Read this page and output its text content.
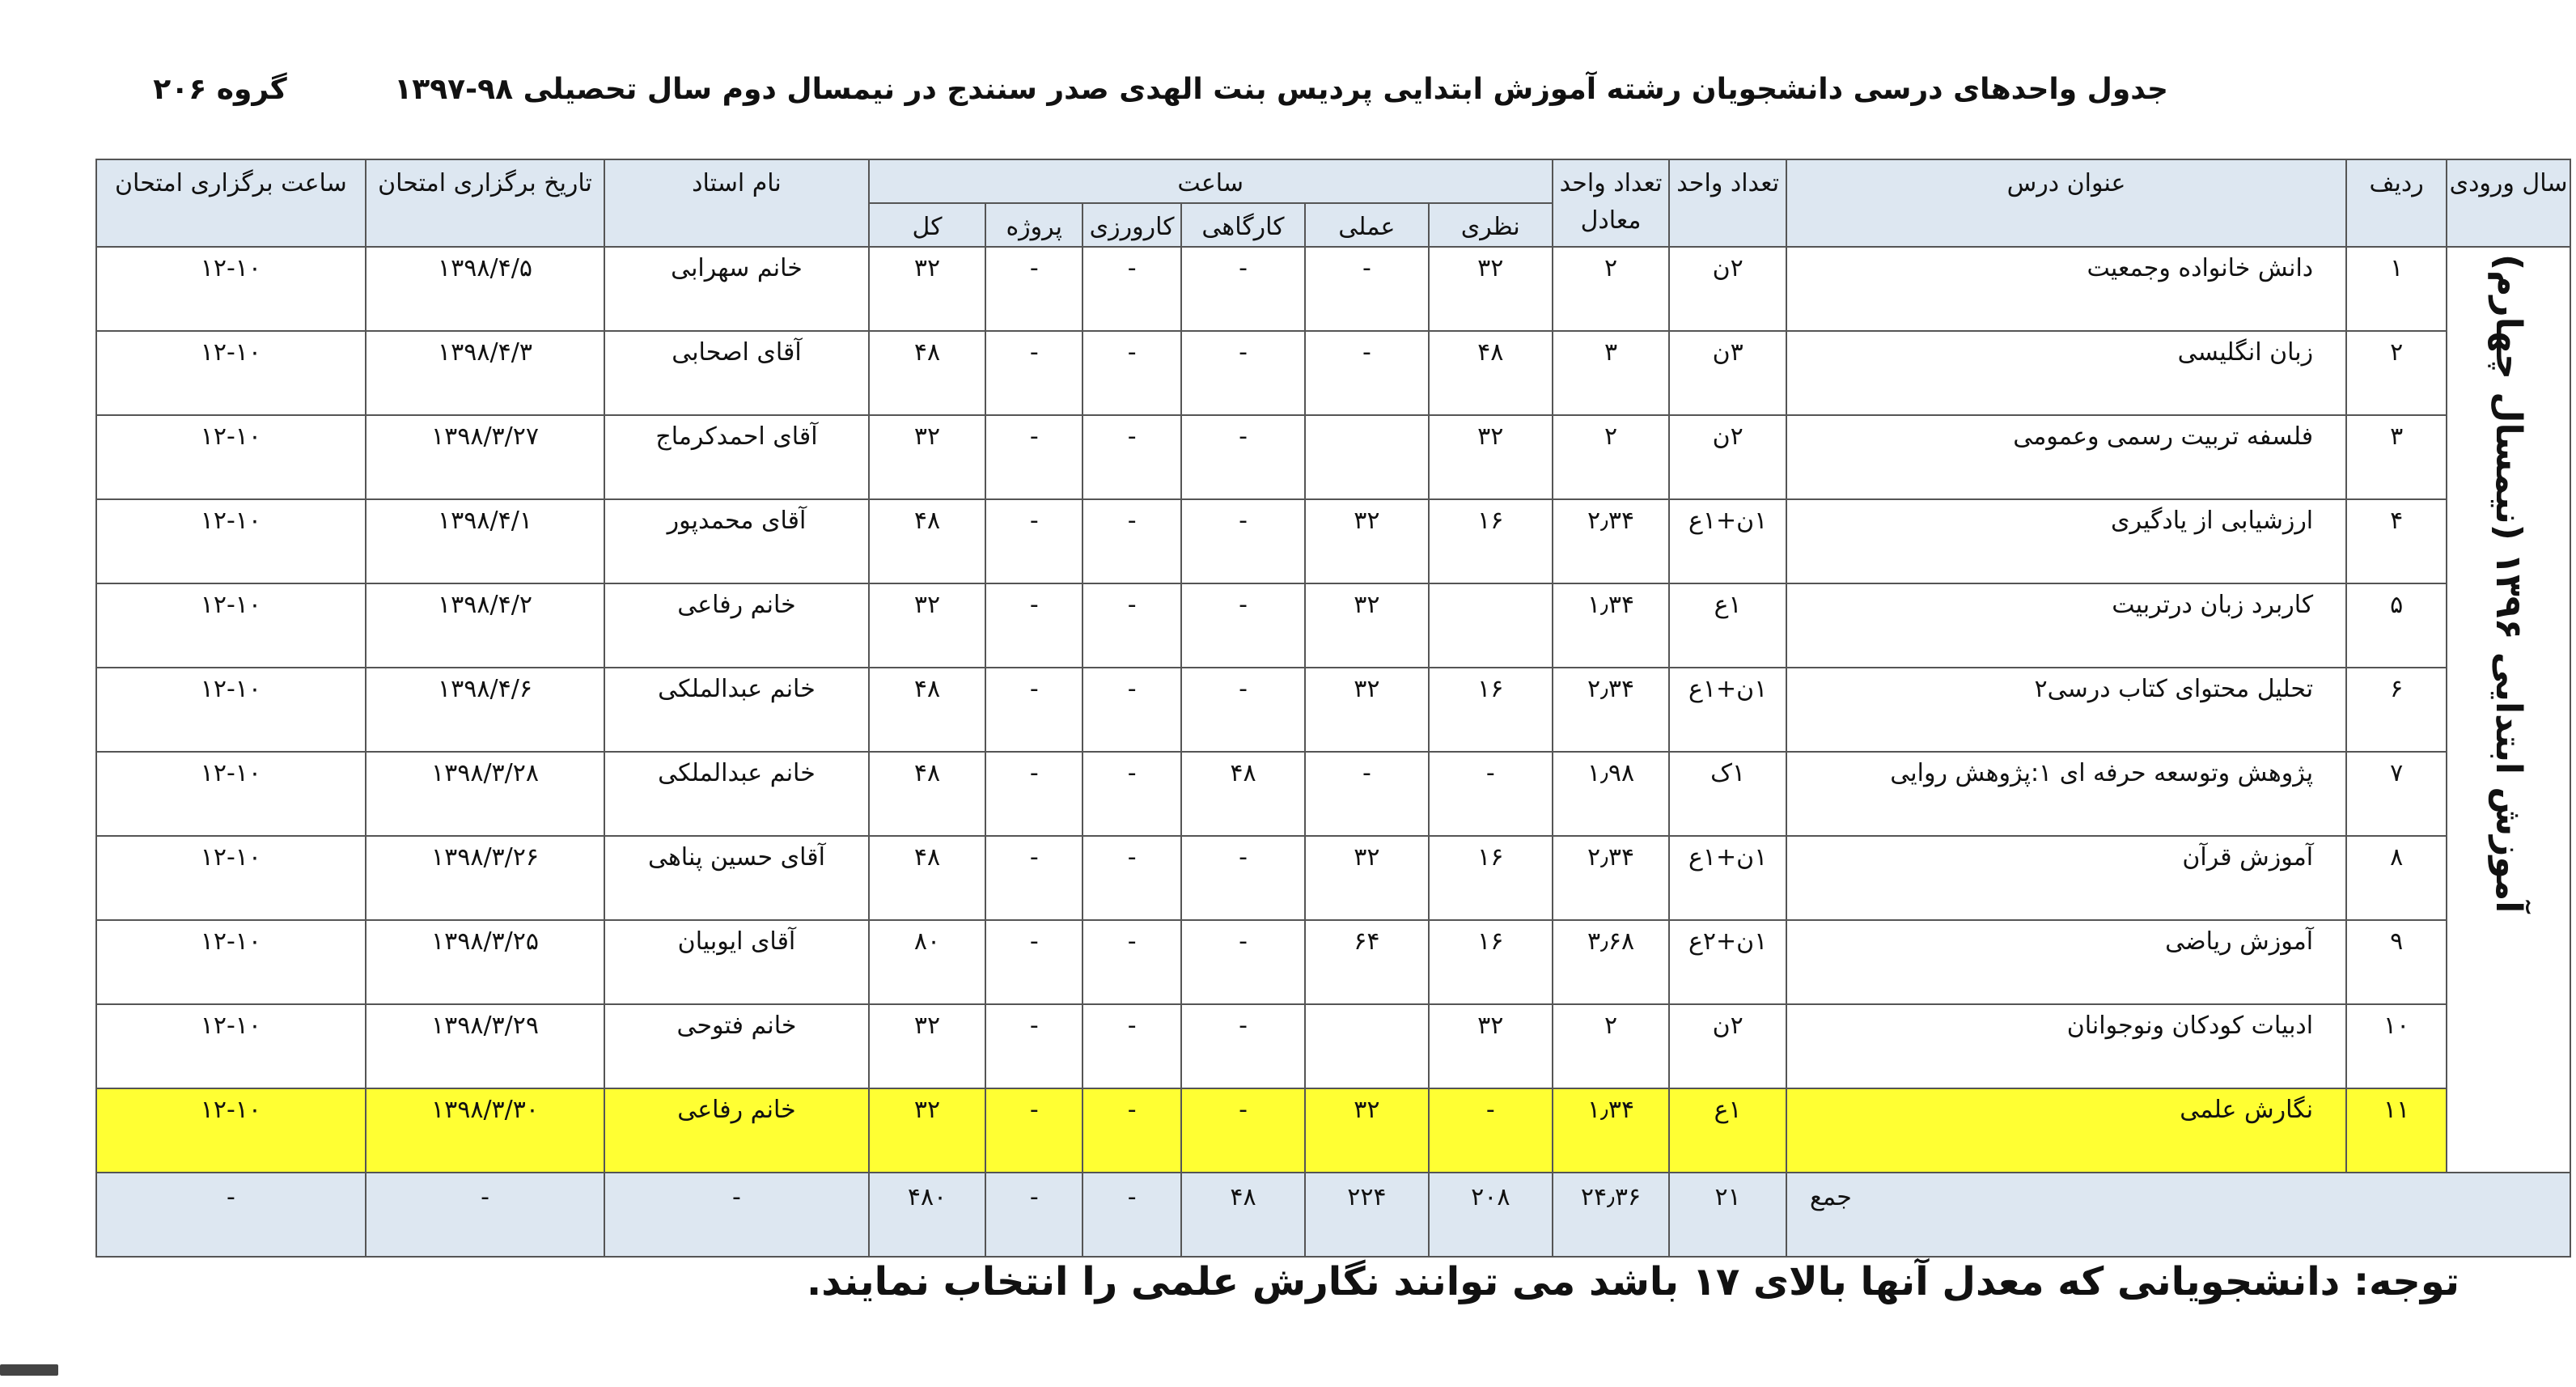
جدول واحدهای درسی دانشجویان رشته آموزش ابتدایی پردیس بنت الهدی صدر سنندج در نیمسال دوم سال تحصیلی ۹۸-۱۳۹۷ گروه ۲۰۶
سال ورودی	ردیف	عنوان درس	تعداد واحد	تعداد واحد معادل	ساعت						نام استاد	تاریخ برگزاری امتحان	ساعت برگزاری امتحان
					نظری	عملی	کارگاهی	کارورزی	پروژه	کل			
آموزش ابتدایی ۱۳۹۶ (نیمسال چهارم)	۱	دانش خانواده وجمعیت	۲ن	۲	۳۲	-	-	-	-	۳۲	خانم سهرابی	۱۳۹۸/۴/۵	۱۲-۱۰
	۲	زبان انگلیسی	۳ن	۳	۴۸	-	-	-	-	۴۸	آقای اصحابی	۱۳۹۸/۴/۳	۱۲-۱۰
	۳	فلسفه تربیت رسمی وعمومی	۲ن	۲	۳۲		-	-	-	۳۲	آقای احمدکرماج	۱۳۹۸/۳/۲۷	۱۲-۱۰
	۴	ارزشیابی از یادگیری	۱ن+۱ع	۲٫۳۴	۱۶	۳۲	-	-	-	۴۸	آقای محمدپور	۱۳۹۸/۴/۱	۱۲-۱۰
	۵	کاربرد زبان درتربیت	۱ع	۱٫۳۴		۳۲	-	-	-	۳۲	خانم رفاعی	۱۳۹۸/۴/۲	۱۲-۱۰
	۶	تحلیل محتوای کتاب درسی۲	۱ن+۱ع	۲٫۳۴	۱۶	۳۲	-	-	-	۴۸	خانم عبدالملکی	۱۳۹۸/۴/۶	۱۲-۱۰
	۷	پژوهش وتوسعه حرفه ای ۱:پژوهش روایی	۱ک	۱٫۹۸	-	-	۴۸	-	-	۴۸	خانم عبدالملکی	۱۳۹۸/۳/۲۸	۱۲-۱۰
	۸	آموزش قرآن	۱ن+۱ع	۲٫۳۴	۱۶	۳۲	-	-	-	۴۸	آقای حسین پناهی	۱۳۹۸/۳/۲۶	۱۲-۱۰
	۹	آموزش ریاضی	۱ن+۲ع	۳٫۶۸	۱۶	۶۴	-	-	-	۸۰	آقای ایوبیان	۱۳۹۸/۳/۲۵	۱۲-۱۰
	۱۰	ادبیات کودکان ونوجوانان	۲ن	۲	۳۲		-	-	-	۳۲	خانم فتوحی	۱۳۹۸/۳/۲۹	۱۲-۱۰
	۱۱	نگارش علمی	۱ع	۱٫۳۴	-	۳۲	-	-	-	۳۲	خانم رفاعی	۱۳۹۸/۳/۳۰	۱۲-۱۰
جمع			۲۱	۲۴٫۳۶	۲۰۸	۲۲۴	۴۸	-	-	۴۸۰	-	-	-
توجه: دانشجویانی که معدل آنها بالای ۱۷ باشد می توانند نگارش علمی را انتخاب نمایند.
